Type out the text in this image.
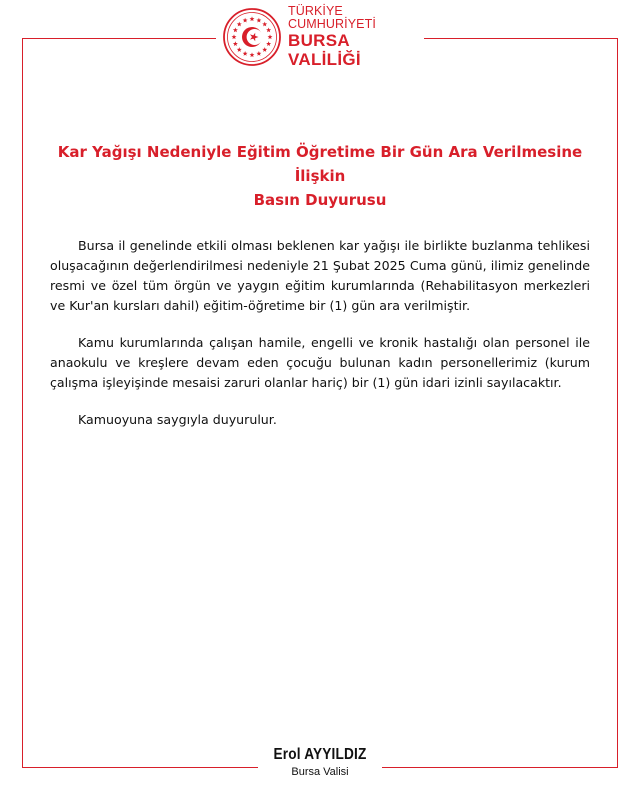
TÜRKİYE CUMHURİYETİ
BURSA VALİLİĞİ
Kar Yağışı Nedeniyle Eğitim Öğretime Bir Gün Ara Verilmesine İlişkin
Basın Duyurusu

Bursa il genelinde etkili olması beklenen kar yağışı ile birlikte buzlanma tehlikesi oluşacağının değerlendirilmesi nedeniyle 21 Şubat 2025 Cuma günü, ilimiz genelinde resmi ve özel tüm örgün ve yaygın eğitim kurumlarında (Rehabilitasyon merkezleri ve Kur'an kursları dahil) eğitim-öğretime bir (1) gün ara verilmiştir.

Kamu kurumlarında çalışan hamile, engelli ve kronik hastalığı olan personel ile anaokulu ve kreşlere devam eden çocuğu bulunan kadın personellerimiz (kurum çalışma işleyişinde mesaisi zaruri olanlar hariç) bir (1) gün idari izinli sayılacaktır.

Kamuoyuna saygıyla duyurulur.

Erol AYYILDIZ
Bursa Valisi
